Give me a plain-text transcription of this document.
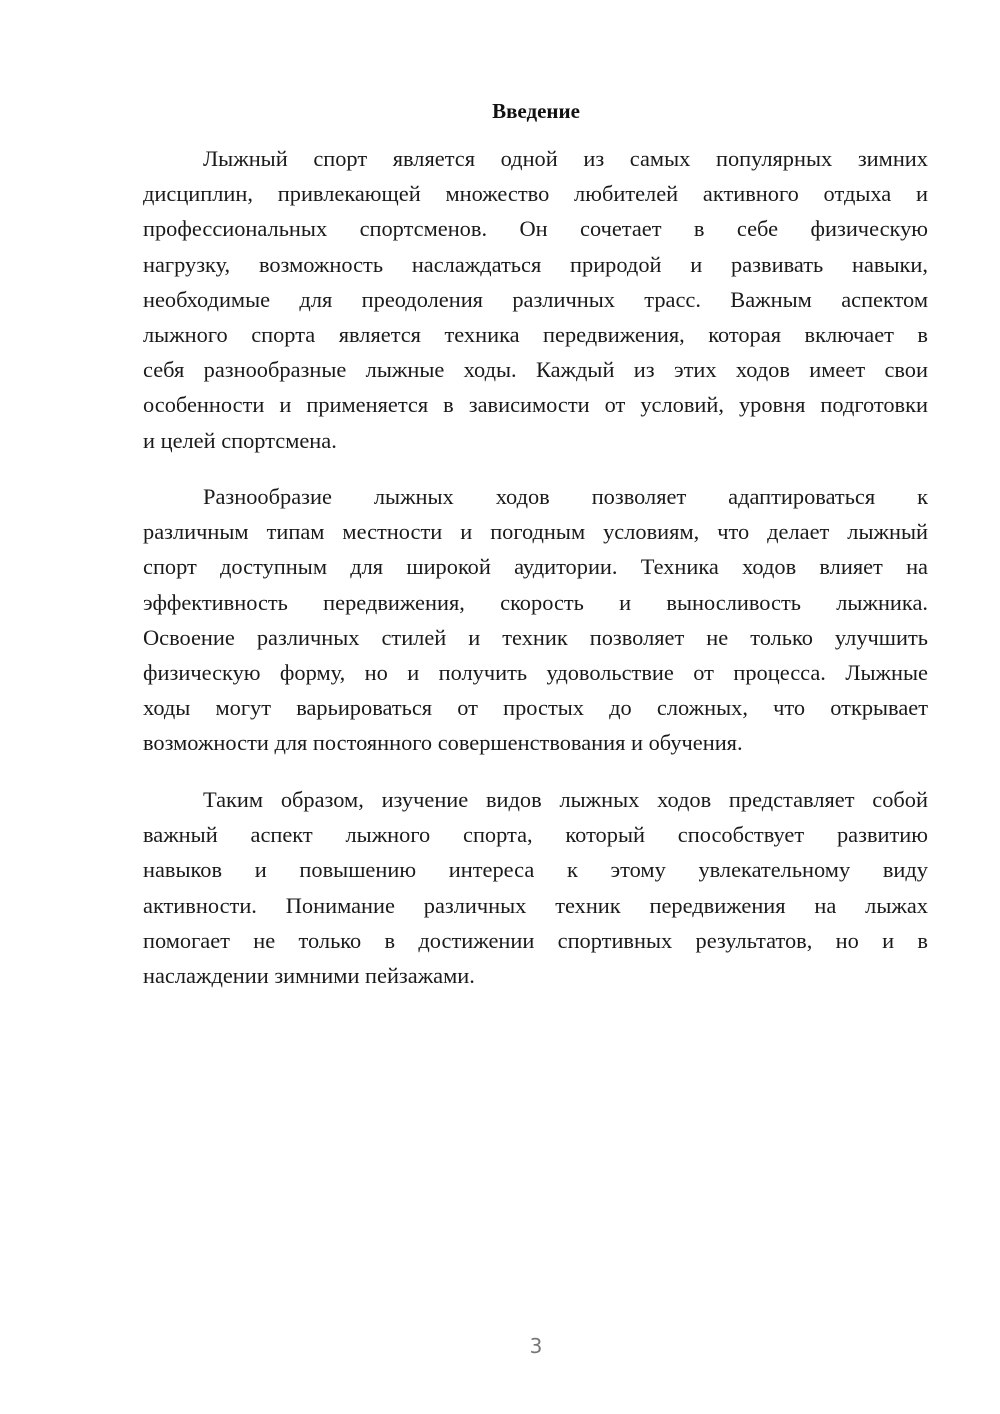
Введение
Лыжный спорт является одной из самых популярных зимних
дисциплин, привлекающей множество любителей активного отдыха и
профессиональных спортсменов. Он сочетает в себе физическую
нагрузку, возможность наслаждаться природой и развивать навыки,
необходимые для преодоления различных трасс. Важным аспектом
лыжного спорта является техника передвижения, которая включает в
себя разнообразные лыжные ходы. Каждый из этих ходов имеет свои
особенности и применяется в зависимости от условий, уровня подготовки
и целей спортсмена.
Разнообразие лыжных ходов позволяет адаптироваться к
различным типам местности и погодным условиям, что делает лыжный
спорт доступным для широкой аудитории. Техника ходов влияет на
эффективность передвижения, скорость и выносливость лыжника.
Освоение различных стилей и техник позволяет не только улучшить
физическую форму, но и получить удовольствие от процесса. Лыжные
ходы могут варьироваться от простых до сложных, что открывает
возможности для постоянного совершенствования и обучения.
Таким образом, изучение видов лыжных ходов представляет собой
важный аспект лыжного спорта, который способствует развитию
навыков и повышению интереса к этому увлекательному виду
активности. Понимание различных техник передвижения на лыжах
помогает не только в достижении спортивных результатов, но и в
наслаждении зимними пейзажами.
3
